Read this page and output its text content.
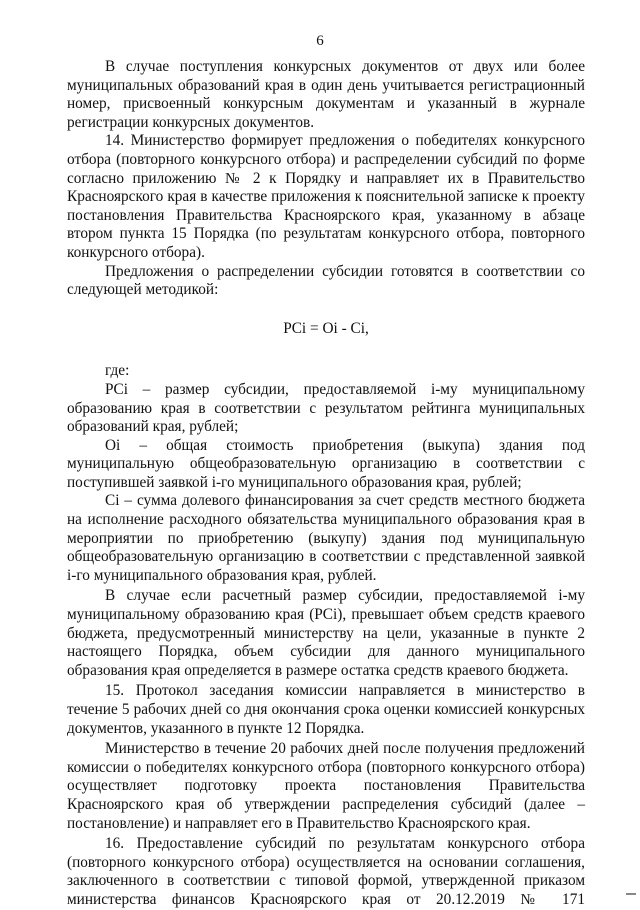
6

В случае поступления конкурсных документов от двух или более муниципальных образований края в один день учитывается регистрационный номер, присвоенный конкурсным документам и указанный в журнале регистрации конкурсных документов.

14. Министерство формирует предложения о победителях конкурсного отбора (повторного конкурсного отбора) и распределении субсидий по форме согласно приложению № 2 к Порядку и направляет их в Правительство Красноярского края в качестве приложения к пояснительной записке к проекту постановления Правительства Красноярского края, указанному в абзаце втором пункта 15 Порядка (по результатам конкурсного отбора, повторного конкурсного отбора).

Предложения о распределении субсидии готовятся в соответствии со следующей методикой:

PCi = Oi - Ci,

где:

PCi – размер субсидии, предоставляемой i-му муниципальному образованию края в соответствии с результатом рейтинга муниципальных образований края, рублей;

Oi – общая стоимость приобретения (выкупа) здания под муниципальную общеобразовательную организацию в соответствии с поступившей заявкой i-го муниципального образования края, рублей;

Ci – сумма долевого финансирования за счет средств местного бюджета на исполнение расходного обязательства муниципального образования края в мероприятии по приобретению (выкупу) здания под муниципальную общеобразовательную организацию в соответствии с представленной заявкой i-го муниципального образования края, рублей.

В случае если расчетный размер субсидии, предоставляемой i-му муниципальному образованию края (PCi), превышает объем средств краевого бюджета, предусмотренный министерству на цели, указанные в пункте 2 настоящего Порядка, объем субсидии для данного муниципального образования края определяется в размере остатка средств краевого бюджета.

15. Протокол заседания комиссии направляется в министерство в течение 5 рабочих дней со дня окончания срока оценки комиссией конкурсных документов, указанного в пункте 12 Порядка.

Министерство в течение 20 рабочих дней после получения предложений комиссии о победителях конкурсного отбора (повторного конкурсного отбора) осуществляет подготовку проекта постановления Правительства Красноярского края об утверждении распределения субсидий (далее – постановление) и направляет его в Правительство Красноярского края.

16. Предоставление субсидий по результатам конкурсного отбора (повторного конкурсного отбора) осуществляется на основании соглашения, заключенного в соответствии с типовой формой, утвержденной приказом министерства финансов Красноярского края от 20.12.2019 № 171
